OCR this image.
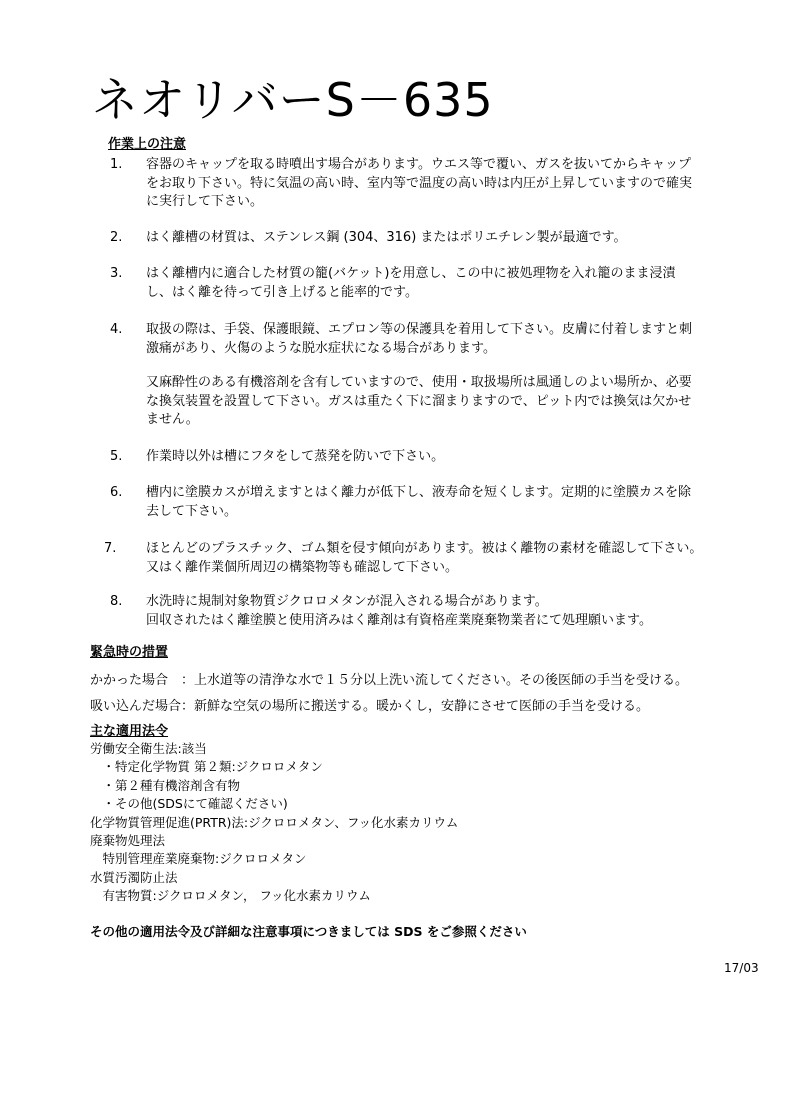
ネオリバーS－635
作業上の注意
1. 容器のキャップを取る時噴出す場合があります。ウエス等で覆い、ガスを抜いてからキャップ

をお取り下さい。特に気温の高い時、室内等で温度の高い時は内圧が上昇していますので確実

に実行して下さい。

2. はく離槽の材質は、ステンレス鋼 (304、316) またはポリエチレン製が最適です。

3. はく離槽内に適合した材質の籠(バケット)を用意し、この中に被処理物を入れ籠のまま浸漬

し、はく離を待って引き上げると能率的です。

4. 取扱の際は、手袋、保護眼鏡、エプロン等の保護具を着用して下さい。皮膚に付着しますと刺

激痛があり、火傷のような脱水症状になる場合があります。

又麻酔性のある有機溶剤を含有していますので、使用・取扱場所は風通しのよい場所か、必要

な換気装置を設置して下さい。ガスは重たく下に溜まりますので、ピット内では換気は欠かせ

ません。

5. 作業時以外は槽にフタをして蒸発を防いで下さい。

6. 槽内に塗膜カスが増えますとはく離力が低下し、液寿命を短くします。定期的に塗膜カスを除

去して下さい。

7. ほとんどのプラスチック、ゴム類を侵す傾向があります。被はく離物の素材を確認して下さい。

又はく離作業個所周辺の構築物等も確認して下さい。

8. 水洗時に規制対象物質ジクロロメタンが混入される場合があります。

回収されたはく離塗膜と使用済みはく離剤は有資格産業廃棄物業者にて処理願います。

緊急時の措置
かかった場合　：上水道等の清浄な水で１５分以上洗い流してください。その後医師の手当を受ける。
吸い込んだ場合：新鮮な空気の場所に搬送する。暖かくし，安静にさせて医師の手当を受ける。
主な適用法令
労働安全衛生法:該当
　・特定化学物質 第２類:ジクロロメタン
　・第２種有機溶剤含有物
　・その他(SDSにて確認ください)
化学物質管理促進(PRTR)法:ジクロロメタン、フッ化水素カリウム
廃棄物処理法
　特別管理産業廃棄物:ジクロロメタン
水質汚濁防止法
　有害物質:ジクロロメタン， フッ化水素カリウム
その他の適用法令及び詳細な注意事項につきましては SDS をご参照ください
17/03
